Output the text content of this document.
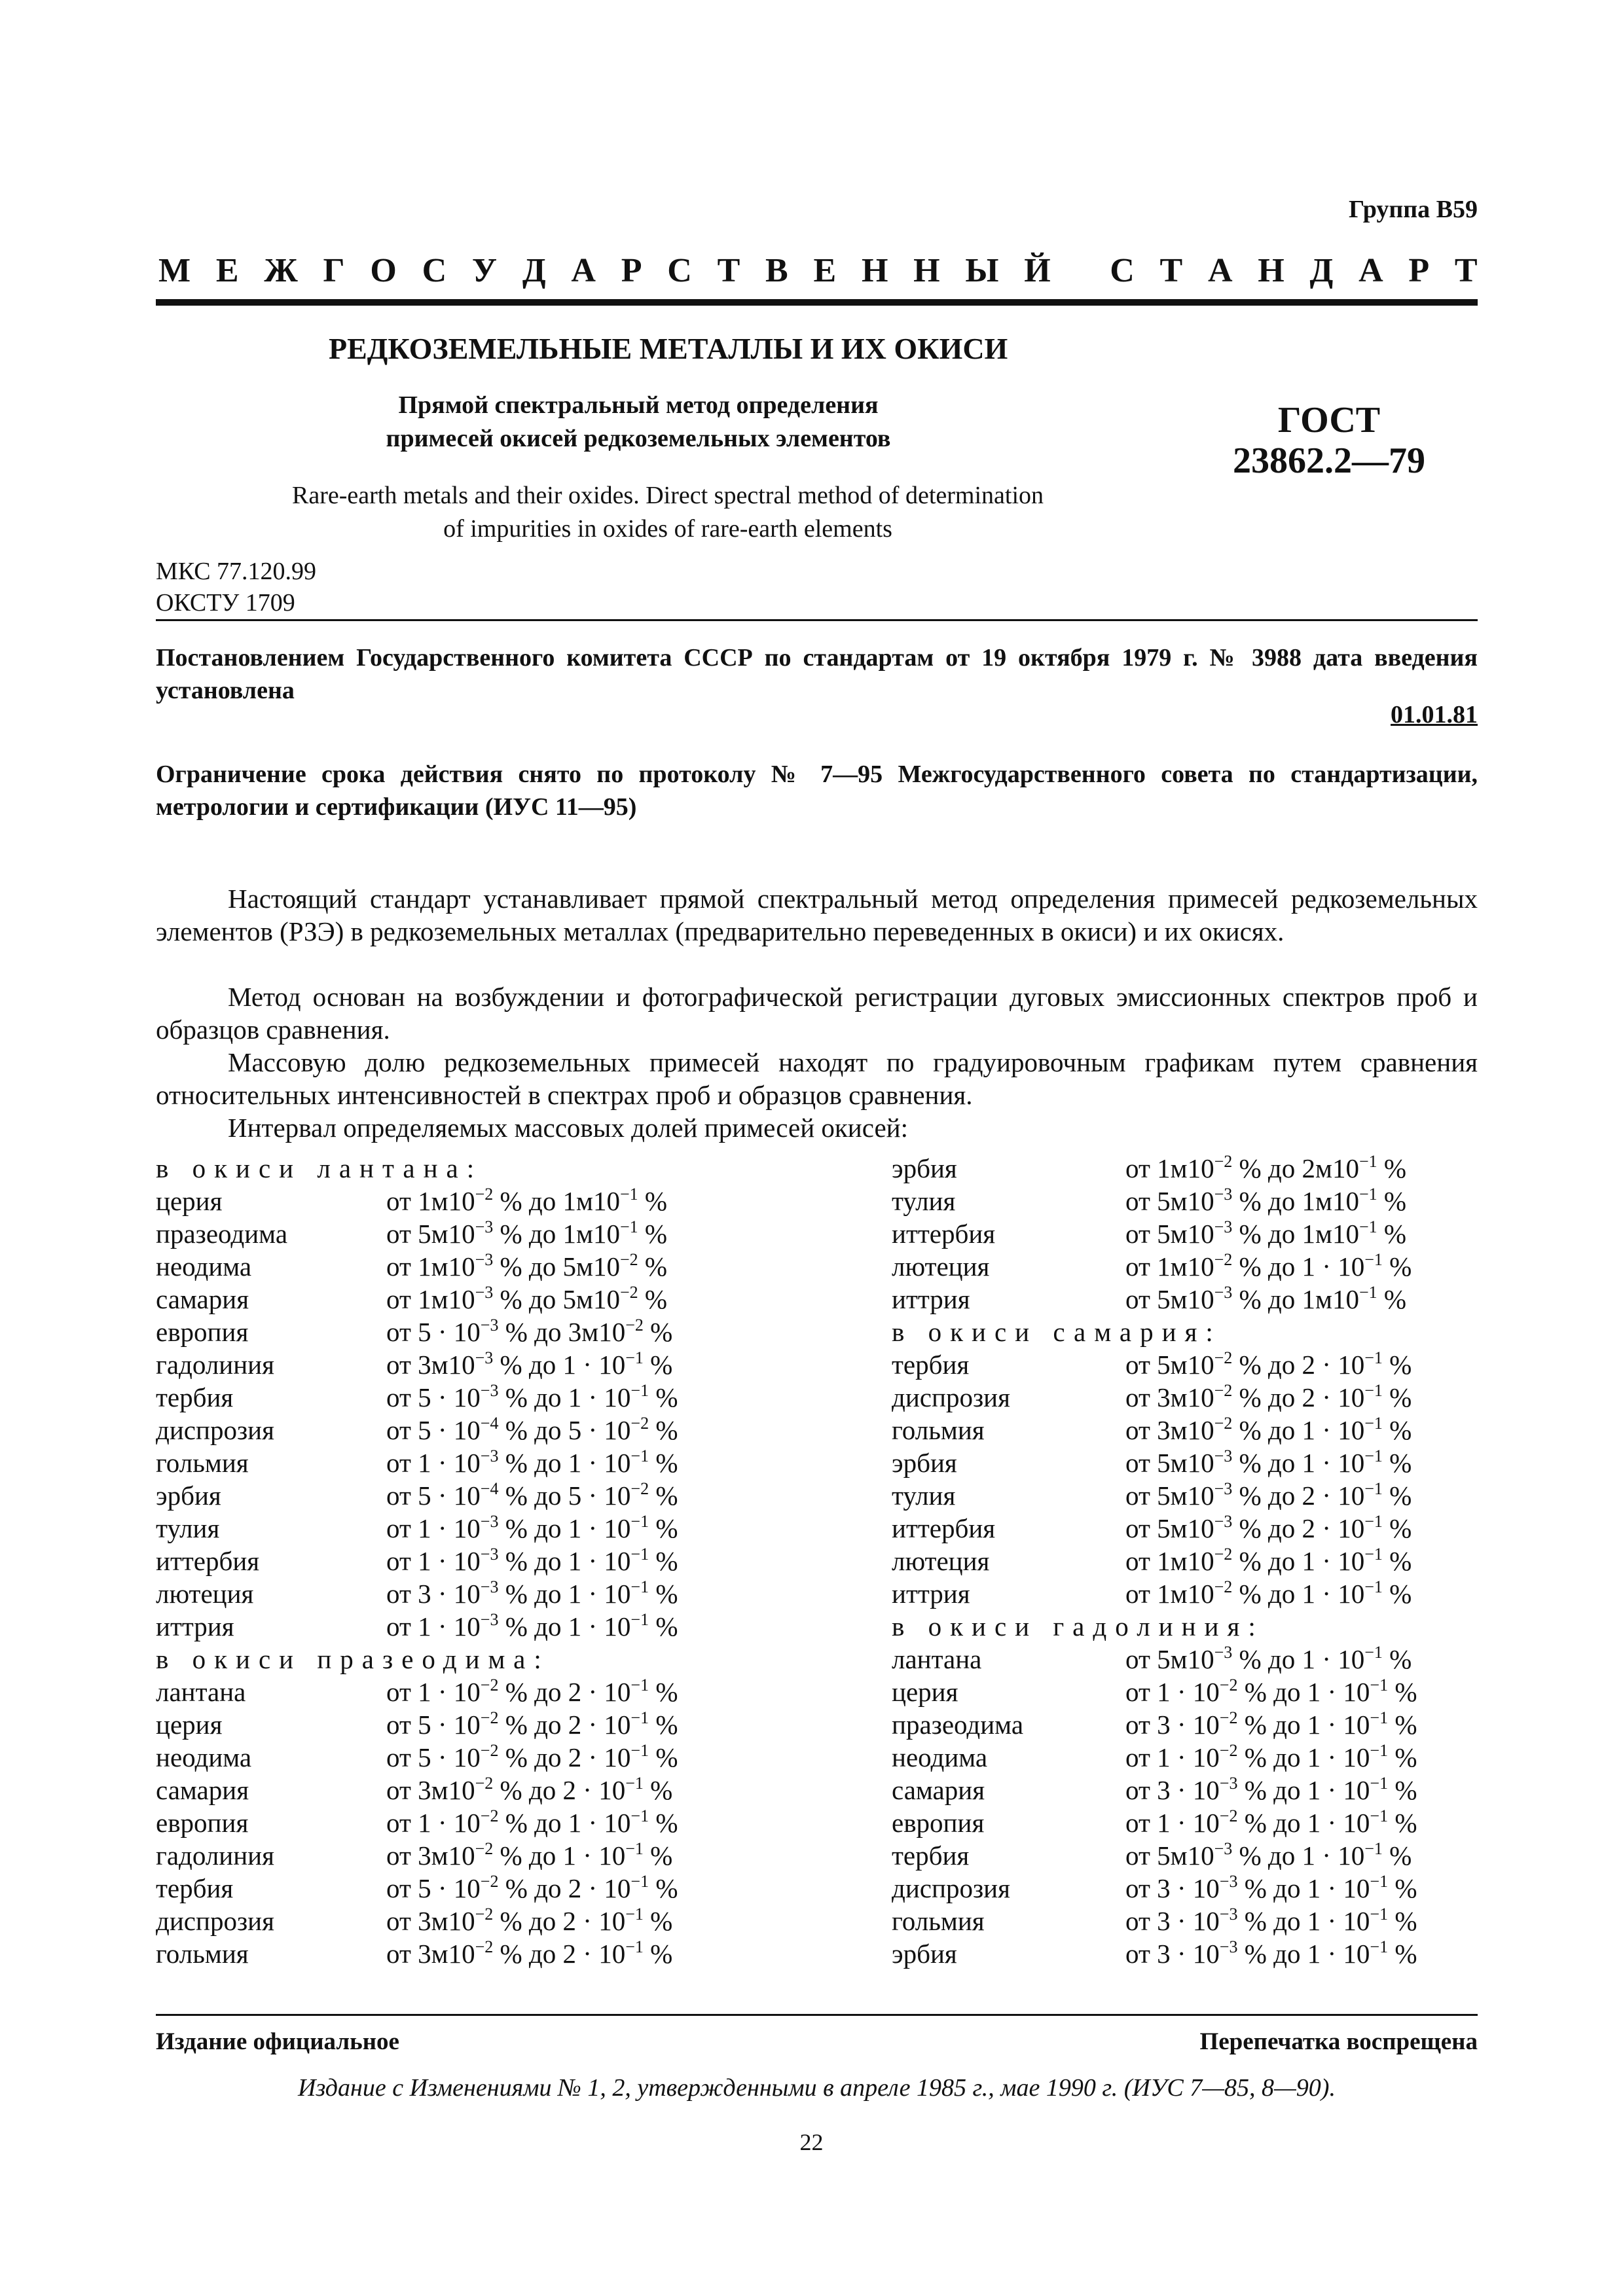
Группа В59
М Е Ж Г О С У Д А Р С Т В Е Н Н Ы Й
С Т А Н Д А Р Т
РЕДКОЗЕМЕЛЬНЫЕ МЕТАЛЛЫ И ИХ ОКИСИ
Прямой спектральный метод определения
примесей окисей редкоземельных элементов	ГОСТ
23862.2—79
Rare-earth metals and their oxides. Direct spectral method of determination
of impurities in oxides of rare-earth elements
МКС 77.120.99
ОКСТУ 1709
Постановлением Государственного комитета СССР по стандартам от 19 октября 1979 г. № 3988 дата введения установлена
01.01.81
Ограничение срока действия снято по протоколу № 7—95 Межгосударственного совета по стандартизации, метрологии и сертификации (ИУС 11—95)
Настоящий стандарт устанавливает прямой спектральный метод определения примесей редкоземельных элементов (РЗЭ) в редкоземельных металлах (предварительно переведенных в окиси) и их окисях.
Метод основан на возбуждении и фотографической регистрации дуговых эмиссионных спектров проб и образцов сравнения.
Массовую долю редкоземельных примесей находят по градуировочным графикам путем сравнения относительных интенсивностей в спектрах проб и образцов сравнения.
Интервал определяемых массовых долей примесей окисей:
в окиси лантана:
церия	от $1м10^{-2}$ % до $1м10^{-1}$ %
празеодима	от $5м10^{-3}$ % до $1м10^{-1}$ %
неодима	от $1м10^{-3}$ % до $5м10^{-2}$ %
самария	от $1м10^{-3}$ % до $5м10^{-2}$ %
европия	от $5 \cdot 10^{-3}$ % до $3м10^{-2}$ %
гадолиния	от $3м10^{-3}$ % до $1 \cdot 10^{-1}$ %
тербия	от $5 \cdot 10^{-3}$ % до $1 \cdot 10^{-1}$ %
диспрозия	от $5 \cdot 10^{-4}$ % до $5 \cdot 10^{-2}$ %
гольмия	от $1 \cdot 10^{-3}$ % до $1 \cdot 10^{-1}$ %
эрбия	от $5 \cdot 10^{-4}$ % до $5 \cdot 10^{-2}$ %
тулия	от $1 \cdot 10^{-3}$ % до $1 \cdot 10^{-1}$ %
иттербия	от $1 \cdot 10^{-3}$ % до $1 \cdot 10^{-1}$ %
лютеция	от $3 \cdot 10^{-3}$ % до $1 \cdot 10^{-1}$ %
иттрия	от $1 \cdot 10^{-3}$ % до $1 \cdot 10^{-1}$ %
в окиси празеодима:
лантана	от $1 \cdot 10^{-2}$ % до $2 \cdot 10^{-1}$ %
церия	от $5 \cdot 10^{-2}$ % до $2 \cdot 10^{-1}$ %
неодима	от $5 \cdot 10^{-2}$ % до $2 \cdot 10^{-1}$ %
самария	от $3м10^{-2}$ % до $2 \cdot 10^{-1}$ %
европия	от $1 \cdot 10^{-2}$ % до $1 \cdot 10^{-1}$ %
гадолиния	от $3м10^{-2}$ % до $1 \cdot 10^{-1}$ %
тербия	от $5 \cdot 10^{-2}$ % до $2 \cdot 10^{-1}$ %
диспрозия	от $3м10^{-2}$ % до $2 \cdot 10^{-1}$ %
гольмия	от $3м10^{-2}$ % до $2 \cdot 10^{-1}$ %
эрбия	от $1м10^{-2}$ % до $2м10^{-1}$ %
тулия	от $5м10^{-3}$ % до $1м10^{-1}$ %
иттербия	от $5м10^{-3}$ % до $1м10^{-1}$ %
лютеция	от $1м10^{-2}$ % до $1 \cdot 10^{-1}$ %
иттрия	от $5м10^{-3}$ % до $1м10^{-1}$ %
в окиси самария:
тербия	от $5м10^{-2}$ % до $2 \cdot 10^{-1}$ %
диспрозия	от $3м10^{-2}$ % до $2 \cdot 10^{-1}$ %
гольмия	от $3м10^{-2}$ % до $1 \cdot 10^{-1}$ %
эрбия	от $5м10^{-3}$ % до $1 \cdot 10^{-1}$ %
тулия	от $5м10^{-3}$ % до $2 \cdot 10^{-1}$ %
иттербия	от $5м10^{-3}$ % до $2 \cdot 10^{-1}$ %
лютеция	от $1м10^{-2}$ % до $1 \cdot 10^{-1}$ %
иттрия	от $1м10^{-2}$ % до $1 \cdot 10^{-1}$ %
в окиси гадолиния:
лантана	от $5м10^{-3}$ % до $1 \cdot 10^{-1}$ %
церия	от $1 \cdot 10^{-2}$ % до $1 \cdot 10^{-1}$ %
празеодима	от $3 \cdot 10^{-2}$ % до $1 \cdot 10^{-1}$ %
неодима	от $1 \cdot 10^{-2}$ % до $1 \cdot 10^{-1}$ %
самария	от $3 \cdot 10^{-3}$ % до $1 \cdot 10^{-1}$ %
европия	от $1 \cdot 10^{-2}$ % до $1 \cdot 10^{-1}$ %
тербия	от $5м10^{-3}$ % до $1 \cdot 10^{-1}$ %
диспрозия	от $3 \cdot 10^{-3}$ % до $1 \cdot 10^{-1}$ %
гольмия	от $3 \cdot 10^{-3}$ % до $1 \cdot 10^{-1}$ %
эрбия	от $3 \cdot 10^{-3}$ % до $1 \cdot 10^{-1}$ %
Издание официальное	Перепечатка воспрещена
Издание с Изменениями № 1, 2, утвержденными в апреле 1985 г., мае 1990 г. (ИУС 7—85, 8—90).
22
